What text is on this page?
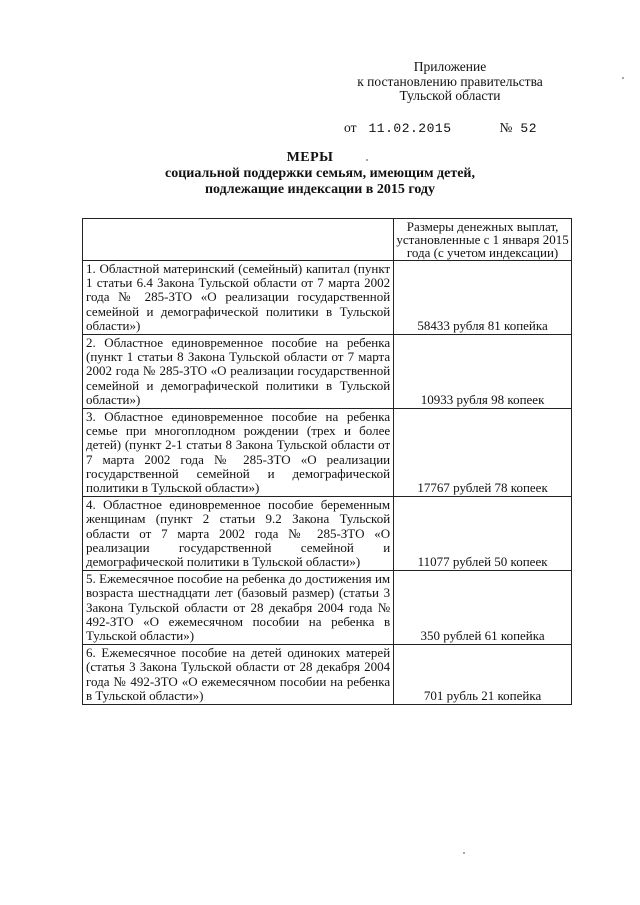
Приложение
к постановлению правительства
Тульской области
от 11.02.2015	№ 52
МЕРЫ
социальной поддержки семьям, имеющим детей,
подлежащие индексации в 2015 году
	Размеры денежных выплат, установленные с 1 января 2015 года (с учетом индексации)
1. Областной материнский (семейный) капитал (пункт 1 статьи 6.4 Закона Тульской области от 7 марта 2002 года № 285-ЗТО «О реализации государственной семейной и демографической политики в Тульской области»)	58433 рубля 81 копейка
2. Областное единовременное пособие на ребенка (пункт 1 статьи 8 Закона Тульской области от 7 марта 2002 года № 285-ЗТО «О реализации государственной семейной и демографической политики в Тульской области»)	10933 рубля 98 копеек
3. Областное единовременное пособие на ребенка семье при многоплодном рождении (трех и более детей) (пункт 2-1 статьи 8 Закона Тульской области от 7 марта 2002 года № 285-ЗТО «О реализации государственной семейной и демографической политики в Тульской области»)	17767 рублей 78 копеек
4. Областное единовременное пособие беременным женщинам (пункт 2 статьи 9.2 Закона Тульской области от 7 марта 2002 года № 285-ЗТО «О реализации государственной семейной и демографической политики в Тульской области»)	11077 рублей 50 копеек
5. Ежемесячное пособие на ребенка до достижения им возраста шестнадцати лет (базовый размер) (статьи 3 Закона Тульской области от 28 декабря 2004 года № 492-ЗТО «О ежемесячном пособии на ребенка в Тульской области»)	350 рублей 61 копейка
6. Ежемесячное пособие на детей одиноких матерей (статья 3 Закона Тульской области от 28 декабря 2004 года № 492-ЗТО «О ежемесячном пособии на ребенка в Тульской области»)	701 рубль 21 копейка
